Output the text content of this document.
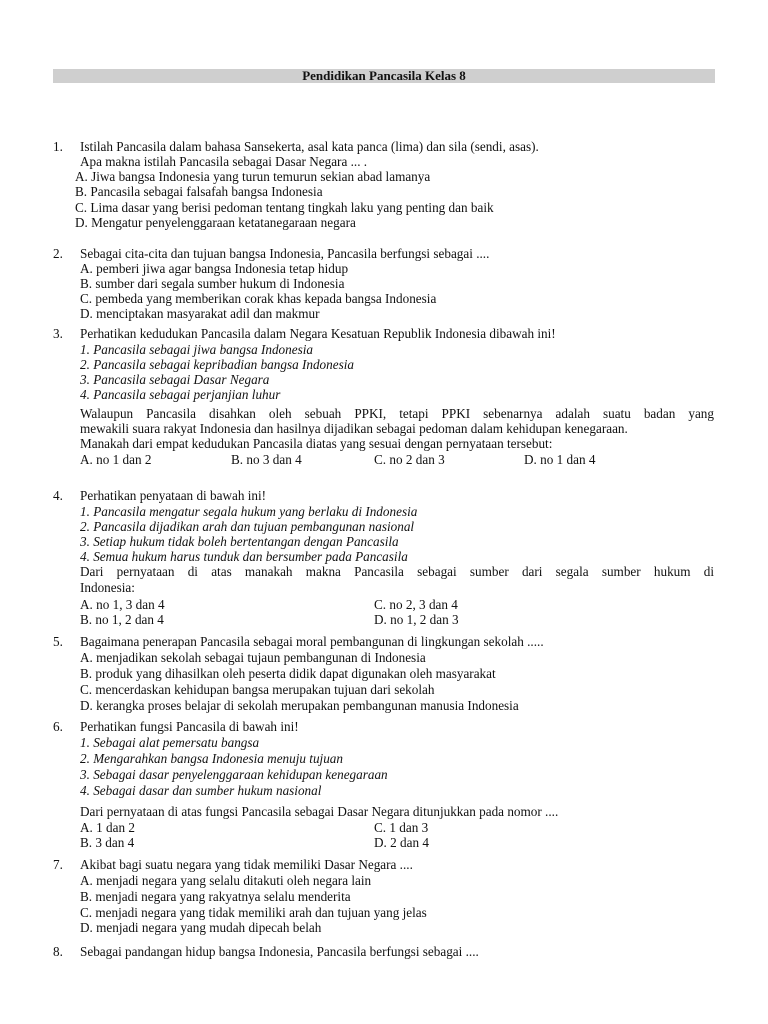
Pendidikan Pancasila Kelas 8
1. Istilah Pancasila dalam bahasa Sansekerta, asal kata panca (lima) dan sila (sendi, asas).
Apa makna istilah Pancasila sebagai Dasar Negara ... .
A. Jiwa bangsa Indonesia yang turun temurun sekian abad lamanya
B. Pancasila sebagai falsafah bangsa Indonesia
C. Lima dasar yang berisi pedoman tentang tingkah laku yang penting dan baik
D. Mengatur penyelenggaraan ketatanegaraan negara
2. Sebagai cita-cita dan tujuan bangsa Indonesia, Pancasila berfungsi sebagai ....
A. pemberi jiwa agar bangsa Indonesia tetap hidup
B. sumber dari segala sumber hukum di Indonesia
C. pembeda yang memberikan corak khas kepada bangsa Indonesia
D. menciptakan masyarakat adil dan makmur
3. Perhatikan kedudukan Pancasila dalam Negara Kesatuan Republik Indonesia dibawah ini!
1. Pancasila sebagai jiwa bangsa Indonesia
2. Pancasila sebagai kepribadian bangsa Indonesia
3. Pancasila sebagai Dasar Negara
4. Pancasila sebagai perjanjian luhur
Walaupun Pancasila disahkan oleh sebuah PPKI, tetapi PPKI sebenarnya adalah suatu badan yang
mewakili suara rakyat Indonesia dan hasilnya dijadikan sebagai pedoman dalam kehidupan kenegaraan.
Manakah dari empat kedudukan Pancasila diatas yang sesuai dengan pernyataan tersebut:
A. no 1 dan 2	B. no 3 dan 4	C. no 2 dan 3	D. no 1 dan 4
4. Perhatikan penyataan di bawah ini!
1. Pancasila mengatur segala hukum yang berlaku di Indonesia
2. Pancasila dijadikan arah dan tujuan pembangunan nasional
3. Setiap hukum tidak boleh bertentangan dengan Pancasila
4. Semua hukum harus tunduk dan bersumber pada Pancasila
Dari pernyataan di atas manakah makna Pancasila sebagai sumber dari segala sumber hukum di
Indonesia:
A. no 1, 3 dan 4	C. no 2, 3 dan 4
B. no 1, 2 dan 4	D. no 1, 2 dan 3
5. Bagaimana penerapan Pancasila sebagai moral pembangunan di lingkungan sekolah .....
A. menjadikan sekolah sebagai tujaun pembangunan di Indonesia
B. produk yang dihasilkan oleh peserta didik dapat digunakan oleh masyarakat
C. mencerdaskan kehidupan bangsa merupakan tujuan dari sekolah
D. kerangka proses belajar di sekolah merupakan pembangunan manusia Indonesia
6. Perhatikan fungsi Pancasila di bawah ini!
1. Sebagai alat pemersatu bangsa
2. Mengarahkan bangsa Indonesia menuju tujuan
3. Sebagai dasar penyelenggaraan kehidupan kenegaraan
4. Sebagai dasar dan sumber hukum nasional
Dari pernyataan di atas fungsi Pancasila sebagai Dasar Negara ditunjukkan pada nomor ....
A. 1 dan 2	C. 1 dan 3
B. 3 dan 4	D. 2 dan 4
7. Akibat bagi suatu negara yang tidak memiliki Dasar Negara ....
A. menjadi negara yang selalu ditakuti oleh negara lain
B. menjadi negara yang rakyatnya selalu menderita
C. menjadi negara yang tidak memiliki arah dan tujuan yang jelas
D. menjadi negara yang mudah dipecah belah
8. Sebagai pandangan hidup bangsa Indonesia, Pancasila berfungsi sebagai ....
